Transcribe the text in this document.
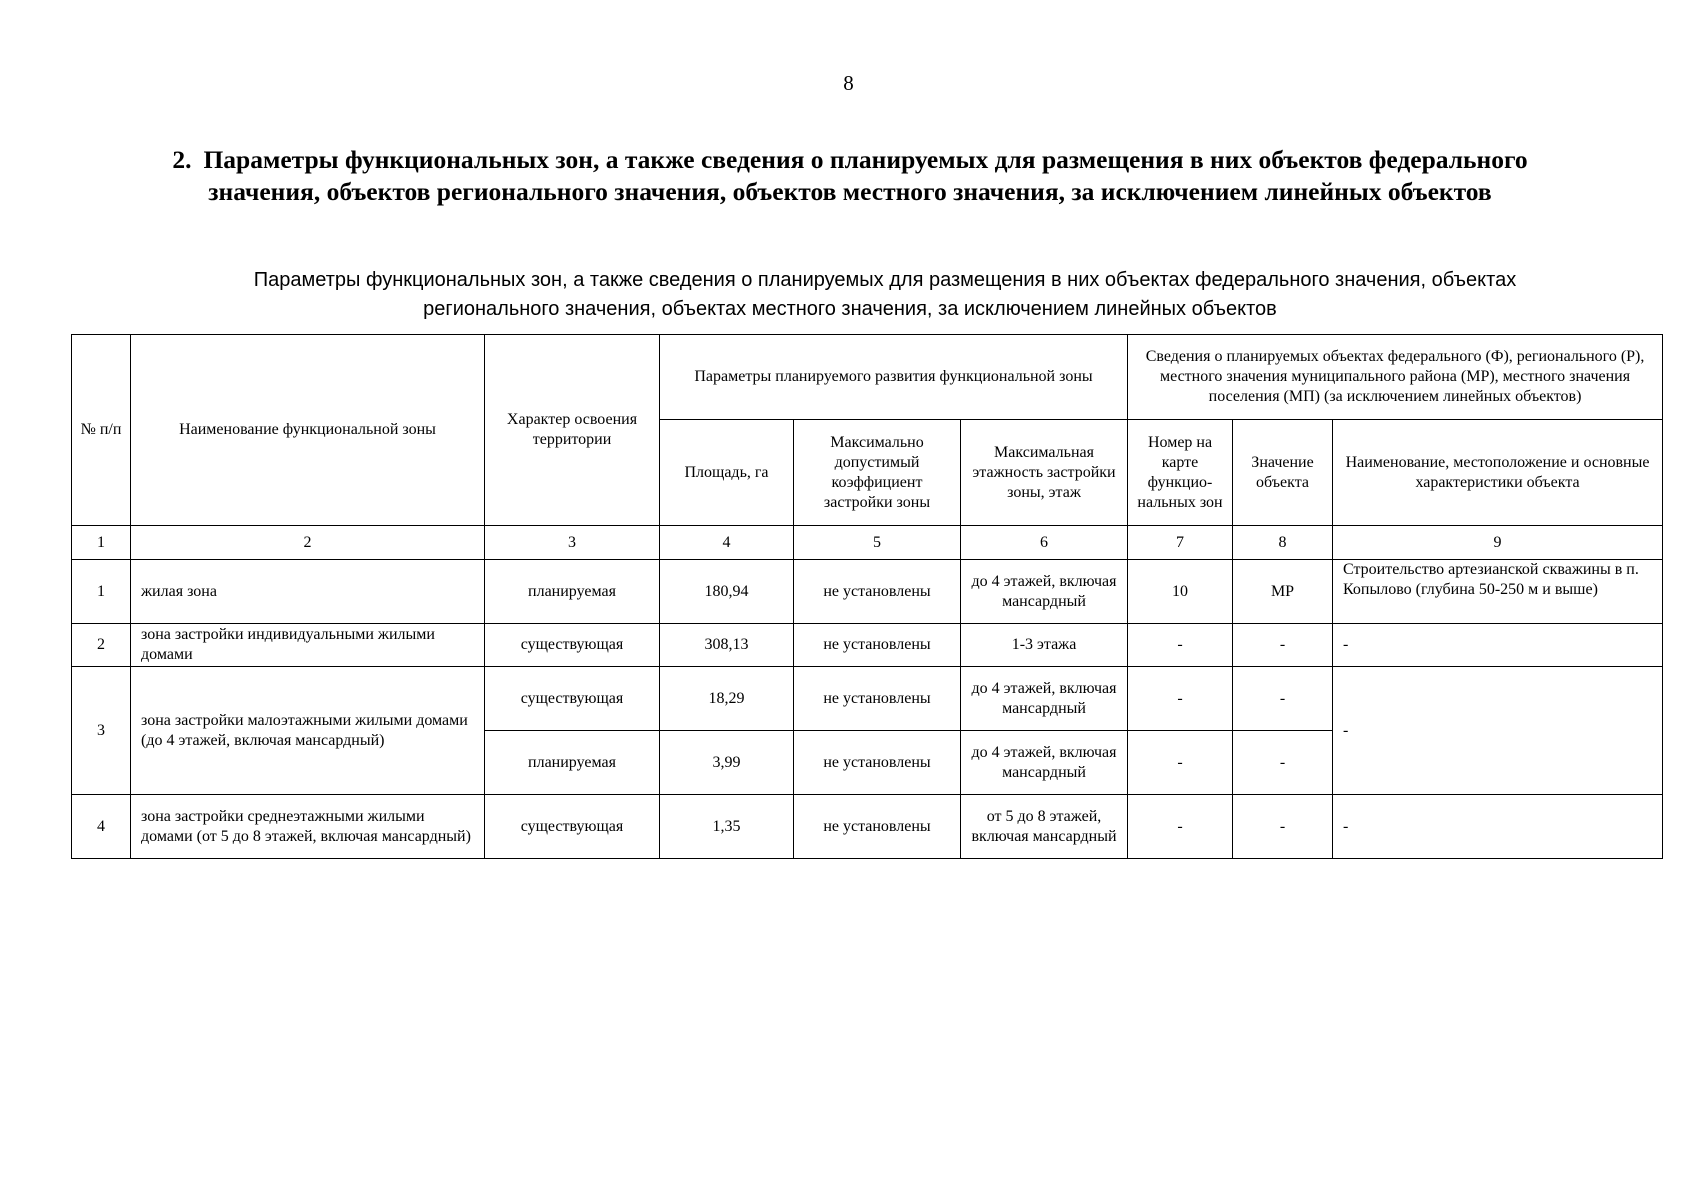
8
2. Параметры функциональных зон, а также сведения о планируемых для размещения в них объектов федерального значения, объектов регионального значения, объектов местного значения, за исключением линейных объектов
Параметры функциональных зон, а также сведения о планируемых для размещения в них объектах федерального значения, объектах регионального значения, объектах местного значения, за исключением линейных объектов
№ п/п	Наименование функциональной зоны	Характер освоения территории	Параметры планируемого развития функциональной зоны			Сведения о планируемых объектах федерального (Ф), регионального (Р), местного значения муниципального района (МР), местного значения поселения (МП) (за исключением линейных объектов)		
			Площадь, га	Максимально допустимый коэффициент застройки зоны	Максимальная этажность застройки зоны, этаж	Номер на карте функцио- нальных зон	Значение объекта	Наименование, местоположение и основные характеристики объекта
1	2	3	4	5	6	7	8	9
1	жилая зона	планируемая	180,94	не установлены	до 4 этажей, включая мансардный	10	МР	Строительство артезианской скважины в п. Копылово (глубина 50-250 м и выше)
2	зона застройки индивидуальными жилыми домами	существующая	308,13	не установлены	1-3 этажа	-	-	-
3	зона застройки малоэтажными жилыми домами (до 4 этажей, включая мансардный)	существующая	18,29	не установлены	до 4 этажей, включая мансардный	-	-	-
		планируемая	3,99	не установлены	до 4 этажей, включая мансардный	-	-	
4	зона застройки среднеэтажными жилыми домами (от 5 до 8 этажей, включая мансардный)	существующая	1,35	не установлены	от 5 до 8 этажей, включая мансардный	-	-	-
